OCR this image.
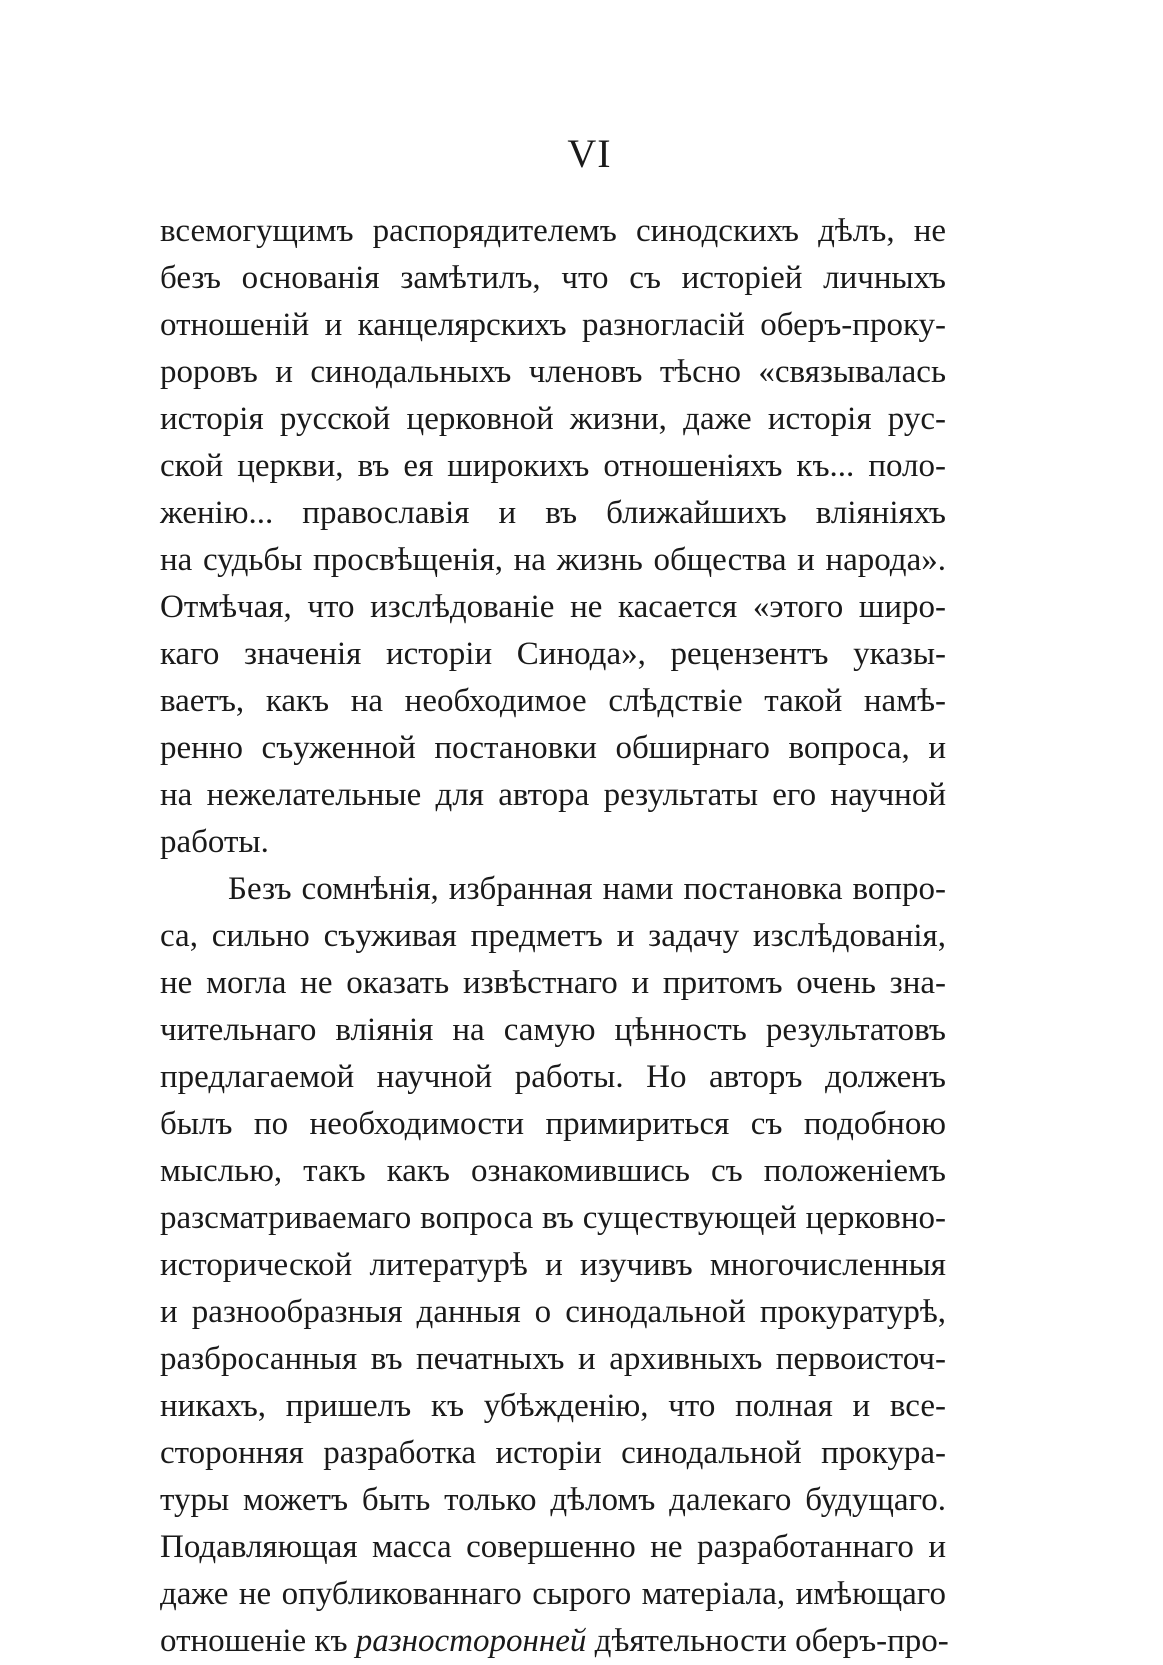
VI
всемогущимъ распорядителемъ синодскихъ дѣлъ, не
безъ основанія замѣтилъ, что съ исторіей личныхъ
отношеній и канцелярскихъ разногласій оберъ-проку-
роровъ и синодальныхъ членовъ тѣсно «связывалась
исторія русской церковной жизни, даже исторія рус-
ской церкви, въ ея широкихъ отношеніяхъ къ... поло-
женію... православія и въ ближайшихъ вліяніяхъ
на судьбы просвѣщенія, на жизнь общества и народа».
Отмѣчая, что изслѣдованіе не касается «этого широ-
каго значенія исторіи Синода», рецензентъ указы-
ваетъ, какъ на необходимое слѣдствіе такой намѣ-
ренно съуженной постановки обширнаго вопроса, и
на нежелательные для автора результаты его научной
работы.
Безъ сомнѣнія, избранная нами постановка вопро-
са, сильно съуживая предметъ и задачу изслѣдованія,
не могла не оказать извѣстнаго и притомъ очень зна-
чительнаго вліянія на самую цѣнность результатовъ
предлагаемой научной работы. Но авторъ долженъ
былъ по необходимости примириться съ подобною
мыслью, такъ какъ ознакомившись съ положеніемъ
разсматриваемаго вопроса въ существующей церковно-
исторической литературѣ и изучивъ многочисленныя
и разнообразныя данныя о синодальной прокуратурѣ,
разбросанныя въ печатныхъ и архивныхъ первоисточ-
никахъ, пришелъ къ убѣжденію, что полная и все-
сторонняя разработка исторіи синодальной прокура-
туры можетъ быть только дѣломъ далекаго будущаго.
Подавляющая масса совершенно не разработаннаго и
даже не опубликованнаго сырого матеріала, имѣющаго
отношеніе къ разносторонней дѣятельности оберъ-про-
